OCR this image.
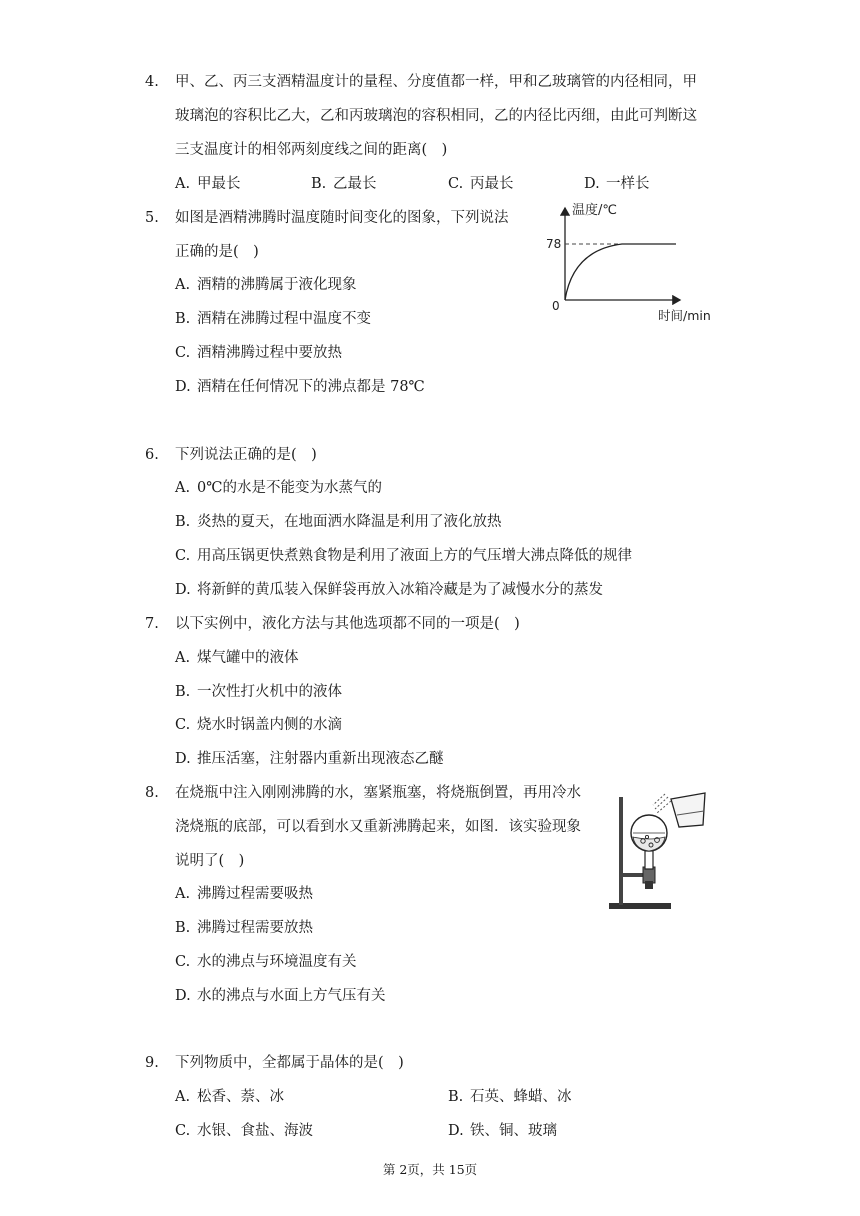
4. 甲、乙、丙三支酒精温度计的量程、分度值都一样，甲和乙玻璃管的内径相同，甲
玻璃泡的容积比乙大，乙和丙玻璃泡的容积相同，乙的内径比丙细，由此可判断这
三支温度计的相邻两刻度线之间的距离(　)
A. 甲最长	B. 乙最长	C. 丙最长	D. 一样长
5. 如图是酒精沸腾时温度随时间变化的图象，下列说法
正确的是(　)
A. 酒精的沸腾属于液化现象
B. 酒精在沸腾过程中温度不变
C. 酒精沸腾过程中要放热
D. 酒精在任何情况下的沸点都是 78℃
温度/℃
时间/min
0
78
6. 下列说法正确的是(　)
A. 0℃的水是不能变为水蒸气的
B. 炎热的夏天，在地面洒水降温是利用了液化放热
C. 用高压锅更快煮熟食物是利用了液面上方的气压增大沸点降低的规律
D. 将新鲜的黄瓜装入保鲜袋再放入冰箱冷藏是为了减慢水分的蒸发
7. 以下实例中，液化方法与其他选项都不同的一项是(　)
A. 煤气罐中的液体
B. 一次性打火机中的液体
C. 烧水时锅盖内侧的水滴
D. 推压活塞，注射器内重新出现液态乙醚
8. 在烧瓶中注入刚刚沸腾的水，塞紧瓶塞，将烧瓶倒置，再用冷水
浇烧瓶的底部，可以看到水又重新沸腾起来，如图．该实验现象
说明了(　)
A. 沸腾过程需要吸热
B. 沸腾过程需要放热
C. 水的沸点与环境温度有关
D. 水的沸点与水面上方气压有关
9. 下列物质中，全都属于晶体的是(　)
A. 松香、萘、冰	B. 石英、蜂蜡、冰
C. 水银、食盐、海波	D. 铁、铜、玻璃
第 2页，共 15页
